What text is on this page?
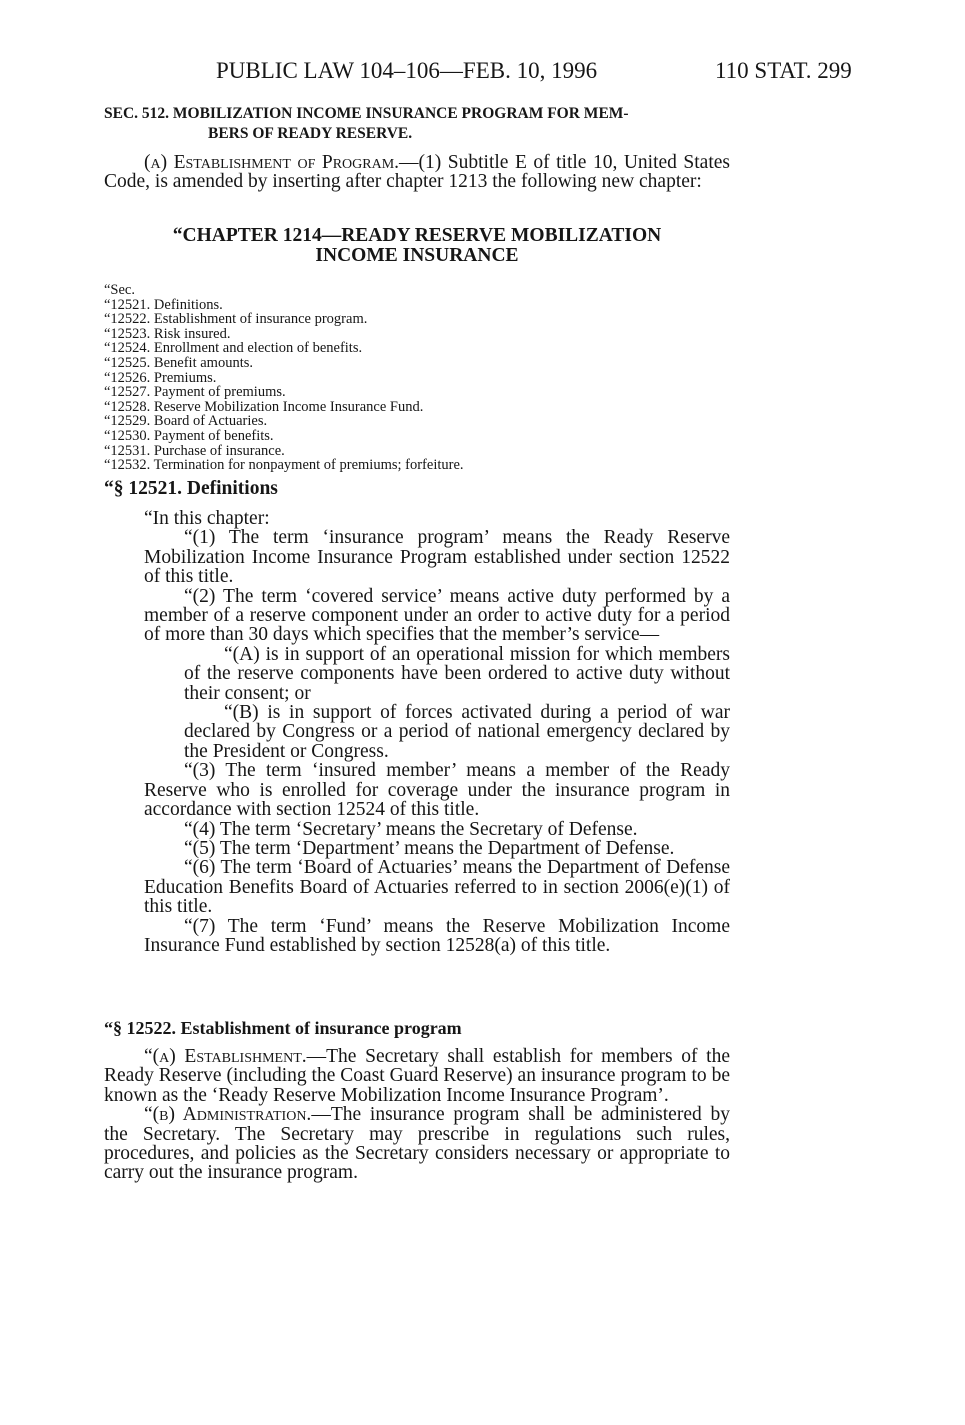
PUBLIC LAW 104–106—FEB. 10, 1996	110 STAT. 299
SEC. 512. MOBILIZATION INCOME INSURANCE PROGRAM FOR MEM-
BERS OF READY RESERVE.

(a) Establishment of Program.—(1) Subtitle E of title 10, United States Code, is amended by inserting after chapter 1213 the following new chapter:

“CHAPTER 1214—READY RESERVE MOBILIZATION
INCOME INSURANCE
“Sec.
“12521. Definitions.
“12522. Establishment of insurance program.
“12523. Risk insured.
“12524. Enrollment and election of benefits.
“12525. Benefit amounts.
“12526. Premiums.
“12527. Payment of premiums.
“12528. Reserve Mobilization Income Insurance Fund.
“12529. Board of Actuaries.
“12530. Payment of benefits.
“12531. Purchase of insurance.
“12532. Termination for nonpayment of premiums; forfeiture.
“§ 12521. Definitions

“In this chapter:

“(1) The term ‘insurance program’ means the Ready Reserve Mobilization Income Insurance Program established under section 12522 of this title.

“(2) The term ‘covered service’ means active duty performed by a member of a reserve component under an order to active duty for a period of more than 30 days which specifies that the member’s service—

“(A) is in support of an operational mission for which members of the reserve components have been ordered to active duty without their consent; or

“(B) is in support of forces activated during a period of war declared by Congress or a period of national emergency declared by the President or Congress.

“(3) The term ‘insured member’ means a member of the Ready Reserve who is enrolled for coverage under the insurance program in accordance with section 12524 of this title.

“(4) The term ‘Secretary’ means the Secretary of Defense.

“(5) The term ‘Department’ means the Department of Defense.

“(6) The term ‘Board of Actuaries’ means the Department of Defense Education Benefits Board of Actuaries referred to in section 2006(e)(1) of this title.

“(7) The term ‘Fund’ means the Reserve Mobilization Income Insurance Fund established by section 12528(a) of this title.

“§ 12522. Establishment of insurance program

“(a) Establishment.—The Secretary shall establish for members of the Ready Reserve (including the Coast Guard Reserve) an insurance program to be known as the ‘Ready Reserve Mobilization Income Insurance Program’.

“(b) Administration.—The insurance program shall be administered by the Secretary. The Secretary may prescribe in regulations such rules, procedures, and policies as the Secretary considers necessary or appropriate to carry out the insurance program.
